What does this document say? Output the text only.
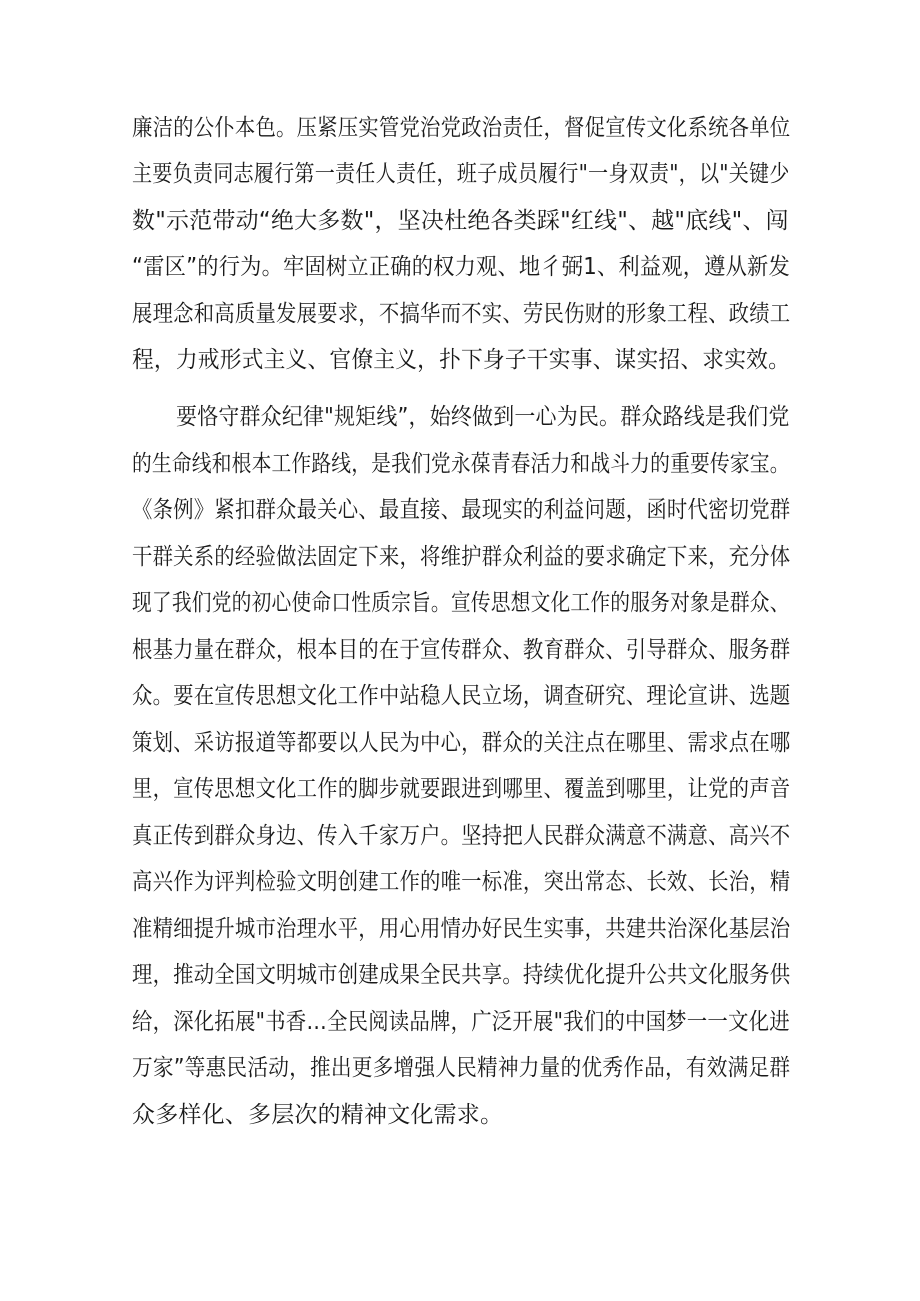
廉洁的公仆本色。压紧压实管党治党政治责任，督促宣传文化系统各单位
主要负责同志履行第一责任人责任，班子成员履行"一身双责"，以"关键少
数"示范带动“绝大多数"，坚决杜绝各类踩"红线"、越"底线"、闯
“雷区”的行为。牢固树立正确的权力观、地彳弼1、利益观，遵从新发
展理念和高质量发展要求，不搞华而不实、劳民伤财的形象工程、政绩工
程，力戒形式主义、官僚主义，扑下身子干实事、谋实招、求实效。
要恪守群众纪律"规矩线”，始终做到一心为民。群众路线是我们党
的生命线和根本工作路线，是我们党永葆青春活力和战斗力的重要传家宝。
《条例》紧扣群众最关心、最直接、最现实的利益问题，函时代密切党群
干群关系的经验做法固定下来，将维护群众利益的要求确定下来，充分体
现了我们党的初心使命口性质宗旨。宣传思想文化工作的服务对象是群众、
根基力量在群众，根本目的在于宣传群众、教育群众、引导群众、服务群
众。要在宣传思想文化工作中站稳人民立场，调查研究、理论宣讲、选题
策划、采访报道等都要以人民为中心，群众的关注点在哪里、需求点在哪
里，宣传思想文化工作的脚步就要跟进到哪里、覆盖到哪里，让党的声音
真正传到群众身边、传入千家万户。坚持把人民群众满意不满意、高兴不
高兴作为评判检验文明创建工作的唯一标准，突出常态、长效、长治，精
准精细提升城市治理水平，用心用情办好民生实事，共建共治深化基层治
理，推动全国文明城市创建成果全民共享。持续优化提升公共文化服务供
给，深化拓展"书香…全民阅读品牌，广泛开展"我们的中国梦一一文化进
万家”等惠民活动，推出更多增强人民精神力量的优秀作品，有效满足群
众多样化、多层次的精神文化需求。
